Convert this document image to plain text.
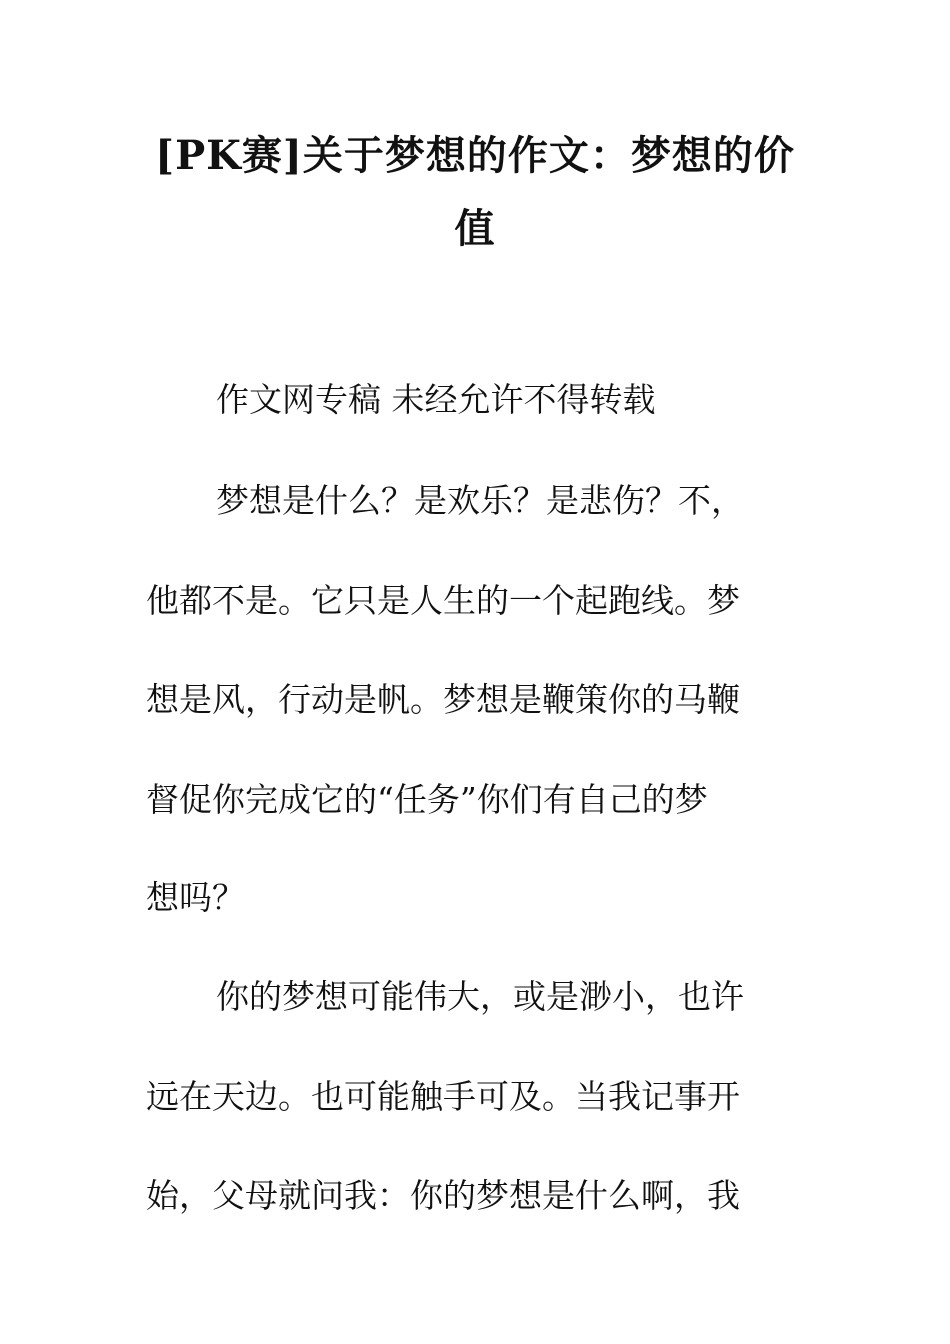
[PK赛]关于梦想的作文：梦想的价
值
作文网专稿 未经允许不得转载
梦想是什么？是欢乐？是悲伤？不，
他都不是。它只是人生的一个起跑线。梦
想是风，行动是帆。梦想是鞭策你的马鞭
督促你完成它的“任务”你们有自己的梦
想吗？
你的梦想可能伟大，或是渺小，也许
远在天边。也可能触手可及。当我记事开
始，父母就问我：你的梦想是什么啊，我
